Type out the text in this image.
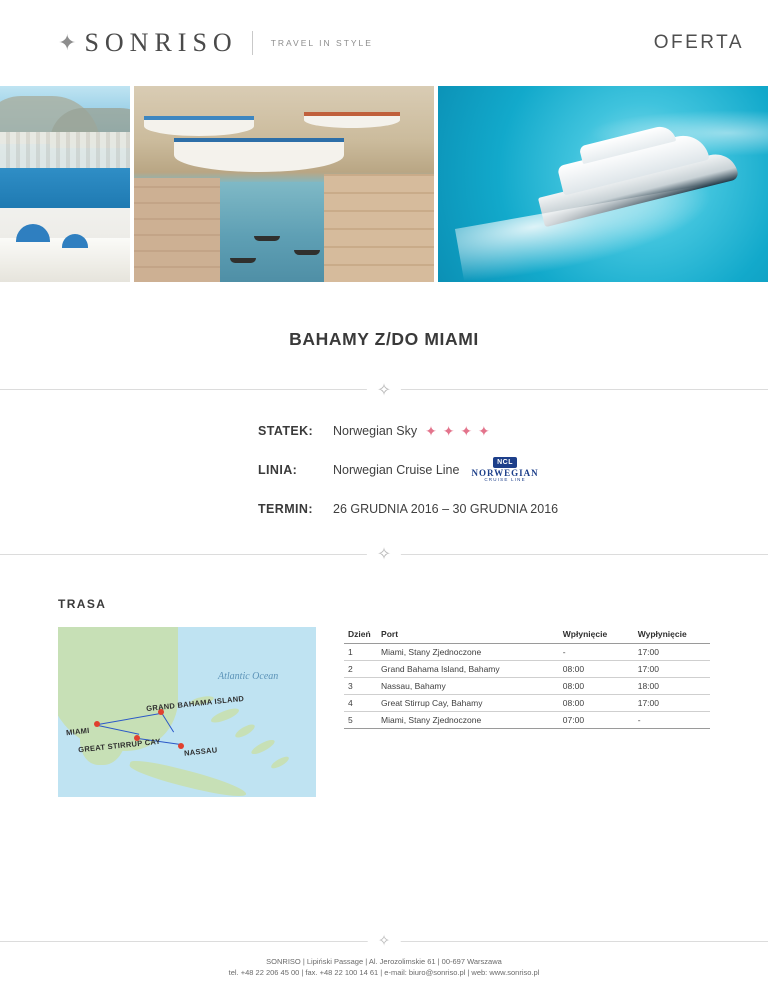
✦ SONRISO	TRAVEL IN STYLE	OFERTA
BAHAMY Z/DO MIAMI
✧
STATEK:	Norwegian Sky ✦ ✦ ✦ ✦
LINIA:	Norwegian Cruise Line
NCL
NORWEGIAN
CRUISE LINE
TERMIN:	26 GRUDNIA 2016 – 30 GRUDNIA 2016
✧
TRASA
Atlantic Ocean
MIAMI
GRAND BAHAMA ISLAND
GREAT STIRRUP CAY	NASSAU
Dzień	Port	Wpłynięcie	Wypłynięcie
1	Miami, Stany Zjednoczone	-	17:00
2	Grand Bahama Island, Bahamy	08:00	17:00
3	Nassau, Bahamy	08:00	18:00
4	Great Stirrup Cay, Bahamy	08:00	17:00
5	Miami, Stany Zjednoczone	07:00	-
✧
SONRISO | Lipiński Passage | Al. Jerozolimskie 61 | 00-697 Warszawa
tel. +48 22 206 45 00 | fax. +48 22 100 14 61 | e-mail: biuro@sonriso.pl | web: www.sonriso.pl
